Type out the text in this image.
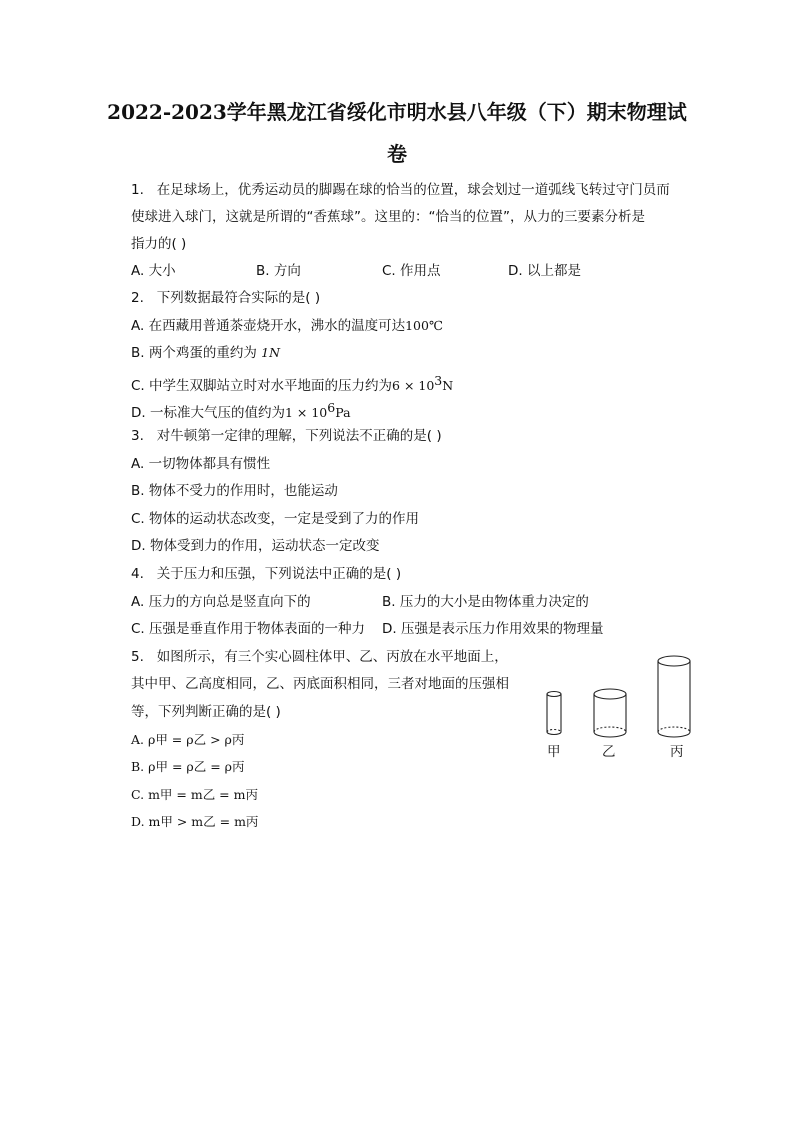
2022-2023学年黑龙江省绥化市明水县八年级（下）期末物理试
卷
1. 在足球场上，优秀运动员的脚踢在球的恰当的位置，球会划过一道弧线飞转过守门员而
使球进入球门，这就是所谓的“香蕉球”。这里的：“恰当的位置”，从力的三要素分析是
指力的( )
A. 大小	B. 方向	C. 作用点	D. 以上都是
2. 下列数据最符合实际的是( )
A. 在西藏用普通茶壶烧开水，沸水的温度可达100℃
B. 两个鸡蛋的重约为 1N
C. 中学生双脚站立时对水平地面的压力约为6 × 103N
D. 一标准大气压的值约为1 × 106Pa
3. 对牛顿第一定律的理解，下列说法不正确的是( )
A. 一切物体都具有惯性
B. 物体不受力的作用时，也能运动
C. 物体的运动状态改变，一定是受到了力的作用
D. 物体受到力的作用，运动状态一定改变
4. 关于压力和压强，下列说法中正确的是( )
A. 压力的方向总是竖直向下的	B. 压力的大小是由物体重力决定的
C. 压强是垂直作用于物体表面的一种力 D. 压强是表示压力作用效果的物理量
5. 如图所示，有三个实心圆柱体甲、乙、丙放在水平地面上，
其中甲、乙高度相同，乙、丙底面积相同，三者对地面的压强相
等，下列判断正确的是( )
A. ρ甲 = ρ乙 > ρ丙
B. ρ甲 = ρ乙 = ρ丙
C. m甲 = m乙 = m丙
D. m甲 > m乙 = m丙
甲	乙	丙
